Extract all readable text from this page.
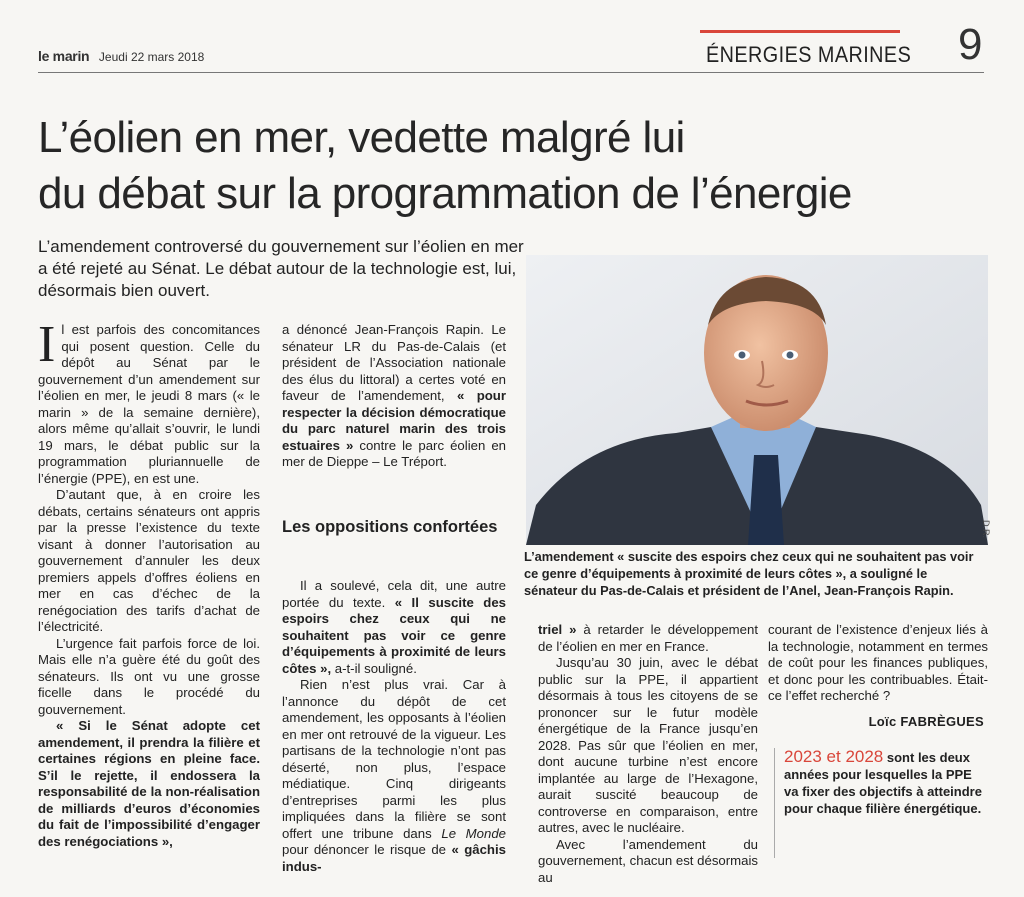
le marin Jeudi 22 mars 2018	ÉNERGIES MARINES 9
L’éolien en mer, vedette malgré lui
du débat sur la programmation de l’énergie
L’amendement controversé du gouvernement sur l’éolien en mer a été rejeté au Sénat. Le débat autour de la technologie est, lui, désormais bien ouvert.

Il est parfois des concomitances qui posent question. Celle du dépôt au Sénat par le gouvernement d’un amendement sur l’éolien en mer, le jeudi 8 mars (« le marin » de la semaine dernière), alors même qu’allait s’ouvrir, le lundi 19 mars, le débat public sur la programmation pluriannuelle de l’énergie (PPE), en est une.

D’autant que, à en croire les débats, certains sénateurs ont appris par la presse l’existence du texte visant à donner l’autorisation au gouvernement d’annuler les deux premiers appels d’offres éoliens en mer en cas d’échec de la renégociation des tarifs d’achat de l’électricité.

L’urgence fait parfois force de loi. Mais elle n’a guère été du goût des sénateurs. Ils ont vu une grosse ficelle dans le procédé du gouvernement.

« Si le Sénat adopte cet amendement, il prendra la filière et certaines régions en pleine face. S’il le rejette, il endossera la responsabilité de la non-réalisation de milliards d’euros d’économies du fait de l’impossibilité d’engager des renégociations »,

a dénoncé Jean-François Rapin. Le sénateur LR du Pas-de-Calais (et président de l’Association nationale des élus du littoral) a certes voté en faveur de l’amendement, « pour respecter la décision démocratique du parc naturel marin des trois estuaires » contre le parc éolien en mer de Dieppe – Le Tréport.

Les oppositions confortées

Il a soulevé, cela dit, une autre portée du texte. « Il suscite des espoirs chez ceux qui ne souhaitent pas voir ce genre d’équipements à proximité de leurs côtes », a-t-il souligné.

Rien n’est plus vrai. Car à l’annonce du dépôt de cet amendement, les opposants à l’éolien en mer ont retrouvé de la vigueur. Les partisans de la technologie n’ont pas déserté, non plus, l’espace médiatique. Cinq dirigeants d’entreprises parmi les plus impliquées dans la filière se sont offert une tribune dans Le Monde pour dénoncer le risque de « gâchis indus-

D.R.
L’amendement « suscite des espoirs chez ceux qui ne souhaitent pas voir ce genre d’équipements à proximité de leurs côtes », a souligné le sénateur du Pas-de-Calais et président de l’Anel, Jean-François Rapin.

triel » à retarder le développement de l’éolien en mer en France.

Jusqu’au 30 juin, avec le débat public sur la PPE, il appartient désormais à tous les citoyens de se prononcer sur le futur modèle énergétique de la France jusqu’en 2028. Pas sûr que l’éolien en mer, dont aucune turbine n’est encore implantée au large de l’Hexagone, aurait suscité beaucoup de controverse en comparaison, entre autres, avec le nucléaire.

Avec l’amendement du gouvernement, chacun est désormais au

courant de l’existence d’enjeux liés à la technologie, notamment en termes de coût pour les finances publiques, et donc pour les contribuables. Était-ce l’effet recherché ?

Loïc FABRÈGUES
2023 et 2028 sont les deux années pour lesquelles la PPE va fixer des objectifs à atteindre pour chaque filière énergétique.
